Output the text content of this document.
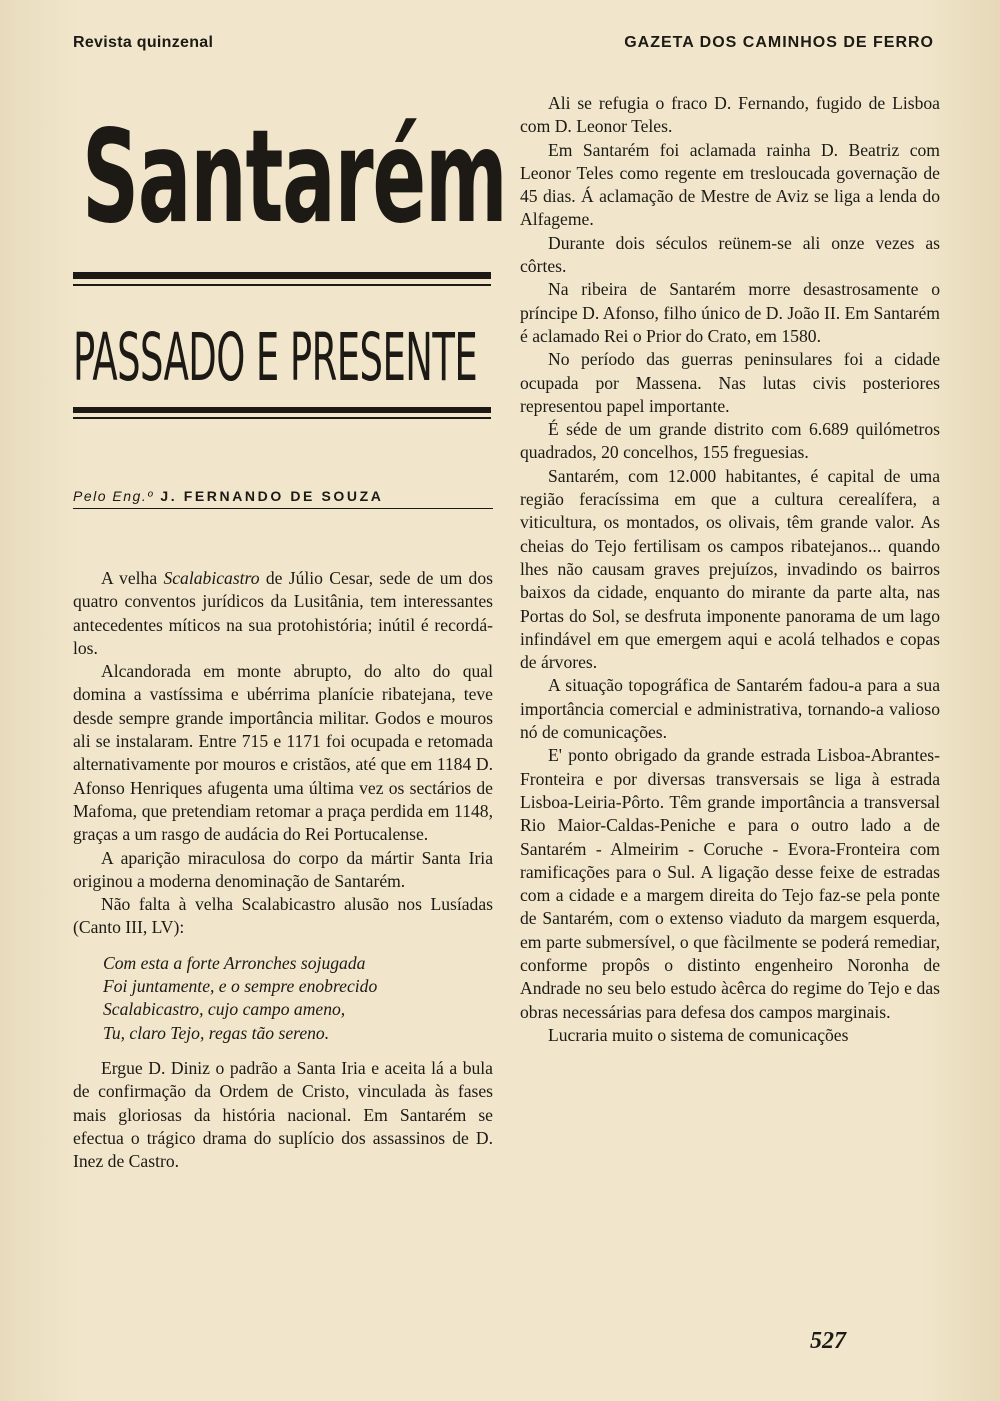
Revista quinzenal	GAZETA DOS CAMINHOS DE FERRO
Santarém
PASSADO E PRESENTE
Pelo Eng.º J. FERNANDO DE SOUZA

A velha Scalabicastro de Júlio Cesar, sede de um dos quatro conventos jurídicos da Lusitânia, tem interessantes antecedentes míticos na sua protohistória; inútil é recordá-los.

Alcandorada em monte abrupto, do alto do qual domina a vastíssima e ubérrima planície ribatejana, teve desde sempre grande importância militar. Godos e mouros ali se instalaram. Entre 715 e 1171 foi ocupada e retomada alternativamente por mouros e cristãos, até que em 1184 D. Afonso Henriques afugenta uma última vez os sectários de Mafoma, que pretendiam retomar a praça perdida em 1148, graças a um rasgo de audácia do Rei Portucalense.

A aparição miraculosa do corpo da mártir Santa Iria originou a moderna denominação de Santarém.

Não falta à velha Scalabicastro alusão nos Lusíadas (Canto III, LV):

Com esta a forte Arronches sojugada
Foi juntamente, e o sempre enobrecido
Scalabicastro, cujo campo ameno,
Tu, claro Tejo, regas tão sereno.

Ergue D. Diniz o padrão a Santa Iria e aceita lá a bula de confirmação da Ordem de Cristo, vinculada às fases mais gloriosas da história nacional. Em Santarém se efectua o trágico drama do suplício dos assassinos de D. Inez de Castro.

Ali se refugia o fraco D. Fernando, fugido de Lisboa com D. Leonor Teles.

Em Santarém foi aclamada rainha D. Beatriz com Leonor Teles como regente em tresloucada governação de 45 dias. Á aclamação de Mestre de Aviz se liga a lenda do Alfageme.

Durante dois séculos reünem-se ali onze vezes as côrtes.

Na ribeira de Santarém morre desastrosamente o príncipe D. Afonso, filho único de D. João II. Em Santarém é aclamado Rei o Prior do Crato, em 1580.

No período das guerras peninsulares foi a cidade ocupada por Massena. Nas lutas civis posteriores representou papel importante.

É séde de um grande distrito com 6.689 quilómetros quadrados, 20 concelhos, 155 freguesias.

Santarém, com 12.000 habitantes, é capital de uma região feracíssima em que a cultura cerealífera, a viticultura, os montados, os olivais, têm grande valor. As cheias do Tejo fertilisam os campos ribatejanos... quando lhes não causam graves prejuízos, invadindo os bairros baixos da cidade, enquanto do mirante da parte alta, nas Portas do Sol, se desfruta imponente panorama de um lago infindável em que emergem aqui e acolá telhados e copas de árvores.

A situação topográfica de Santarém fadou-a para a sua importância comercial e administrativa, tornando-a valioso nó de comunicações.

E' ponto obrigado da grande estrada Lisboa-Abrantes-Fronteira e por diversas transversais se liga à estrada Lisboa-Leiria-Pôrto. Têm grande importância a transversal Rio Maior-Caldas-Peniche e para o outro lado a de Santarém - Almeirim - Coruche - Evora-Fronteira com ramificações para o Sul. A ligação desse feixe de estradas com a cidade e a margem direita do Tejo faz-se pela ponte de Santarém, com o extenso viaduto da margem esquerda, em parte submersível, o que fàcilmente se poderá remediar, conforme propôs o distinto engenheiro Noronha de Andrade no seu belo estudo àcêrca do regime do Tejo e das obras necessárias para defesa dos campos marginais.

Lucraria muito o sistema de comunicações

527
